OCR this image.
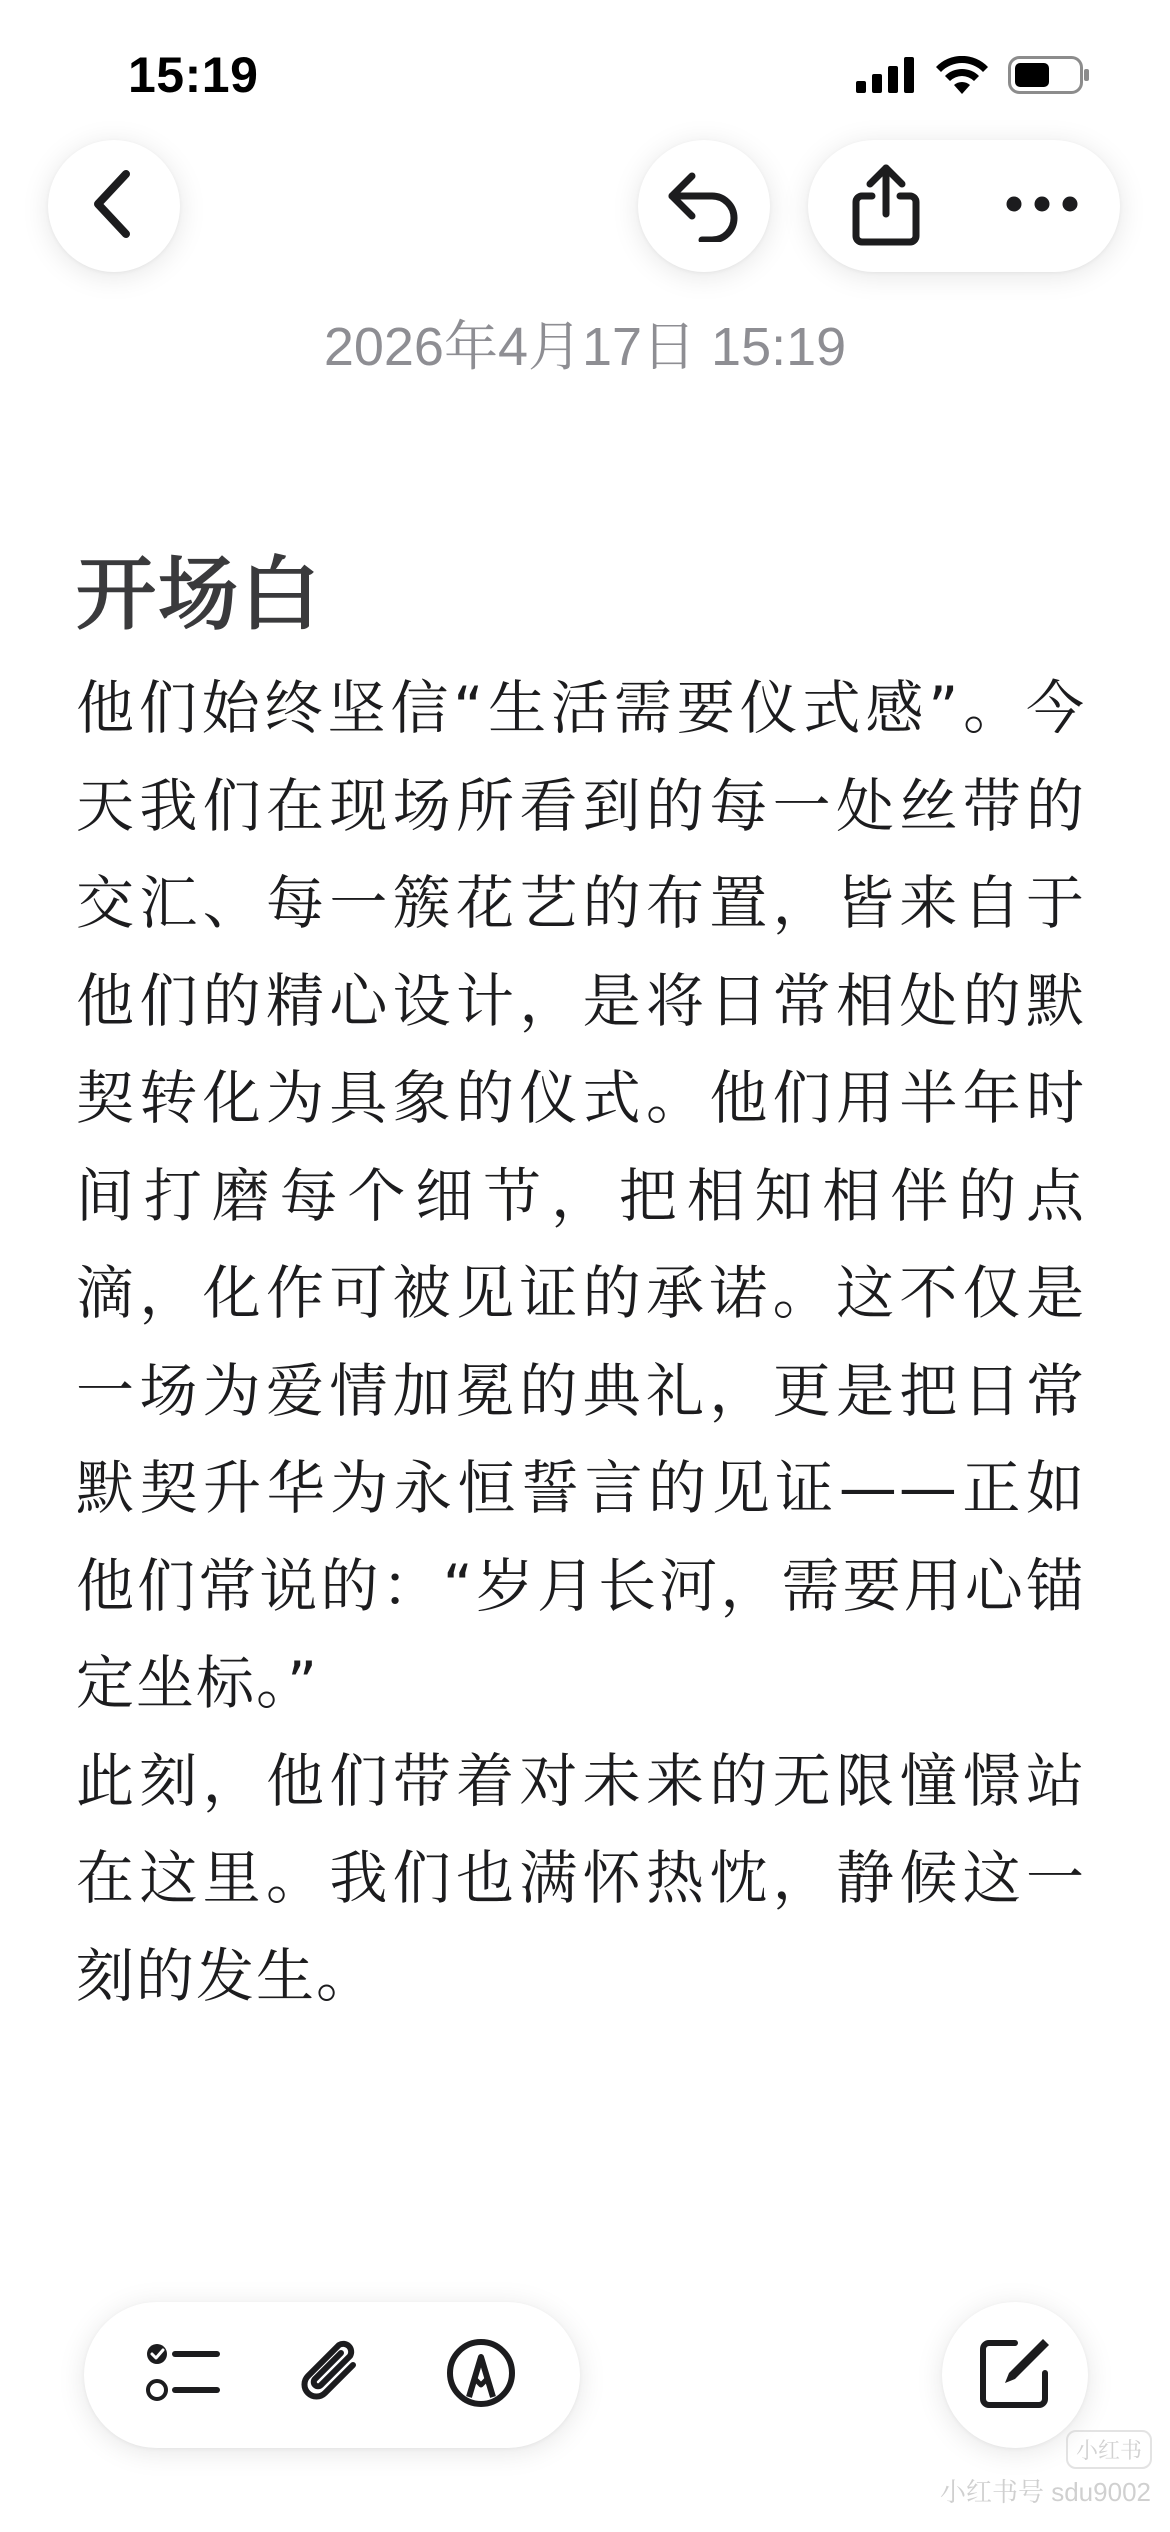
15:19
2026年4月17日 15:19
开场白

他们始终坚信“生活需要仪式感”。今天我们在现场所看到的每一处丝带的交汇、每一簇花艺的布置，皆来自于他们的精心设计，是将日常相处的默契转化为具象的仪式。他们用半年时间打磨每个细节，把相知相伴的点滴，化作可被见证的承诺。这不仅是一场为爱情加冕的典礼，更是把日常默契升华为永恒誓言的见证——正如他们常说的：“岁月长河，需要用心锚定坐标。”

此刻，他们带着对未来的无限憧憬站在这里。我们也满怀热忱，静候这一刻的发生。

小红书
小红书号 sdu9002
